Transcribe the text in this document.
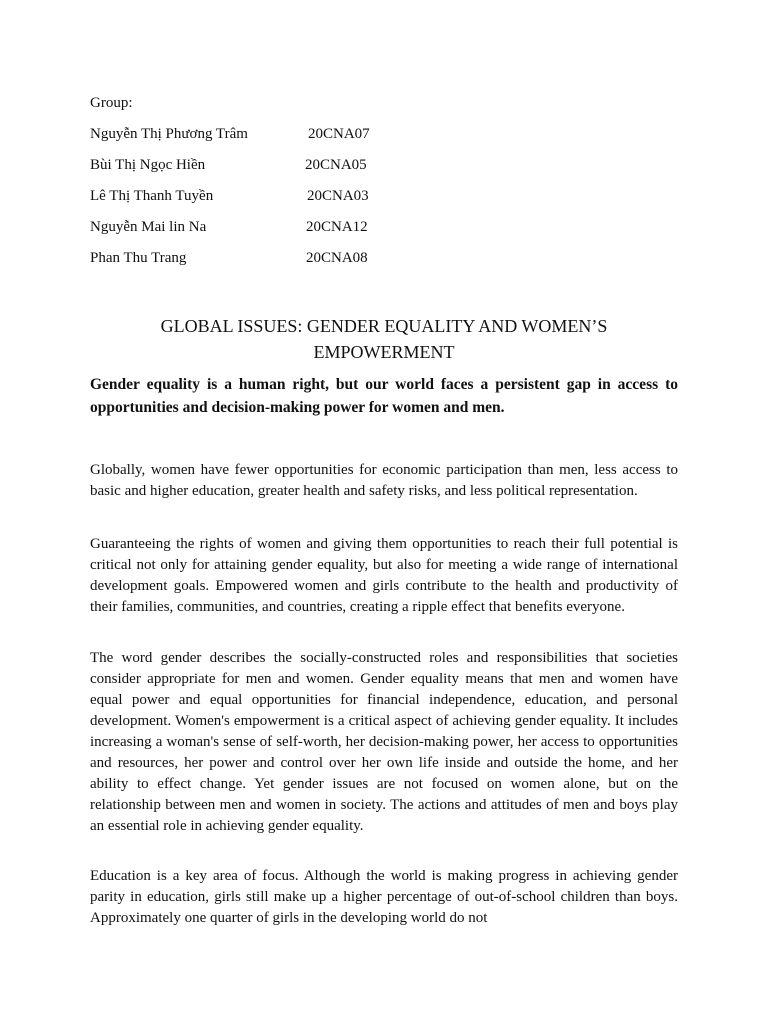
Group:
Nguyễn Thị Phương Trâm	20CNA07
Bùi Thị Ngọc Hiền	20CNA05
Lê Thị Thanh Tuyền	20CNA03
Nguyễn Mai lin Na	20CNA12
Phan Thu Trang	20CNA08
GLOBAL ISSUES: GENDER EQUALITY AND WOMEN’S EMPOWERMENT
Gender equality is a human right, but our world faces a persistent gap in access to opportunities and decision-making power for women and men.

Globally, women have fewer opportunities for economic participation than men, less access to basic and higher education, greater health and safety risks, and less political representation.

Guaranteeing the rights of women and giving them opportunities to reach their full potential is critical not only for attaining gender equality, but also for meeting a wide range of international development goals. Empowered women and girls contribute to the health and productivity of their families, communities, and countries, creating a ripple effect that benefits everyone.

The word gender describes the socially-constructed roles and responsibilities that societies consider appropriate for men and women. Gender equality means that men and women have equal power and equal opportunities for financial independence, education, and personal development. Women's empowerment is a critical aspect of achieving gender equality. It includes increasing a woman's sense of self-worth, her decision-making power, her access to opportunities and resources, her power and control over her own life inside and outside the home, and her ability to effect change. Yet gender issues are not focused on women alone, but on the relationship between men and women in society. The actions and attitudes of men and boys play an essential role in achieving gender equality.

Education is a key area of focus. Although the world is making progress in achieving gender parity in education, girls still make up a higher percentage of out-of-school children than boys. Approximately one quarter of girls in the developing world do not
